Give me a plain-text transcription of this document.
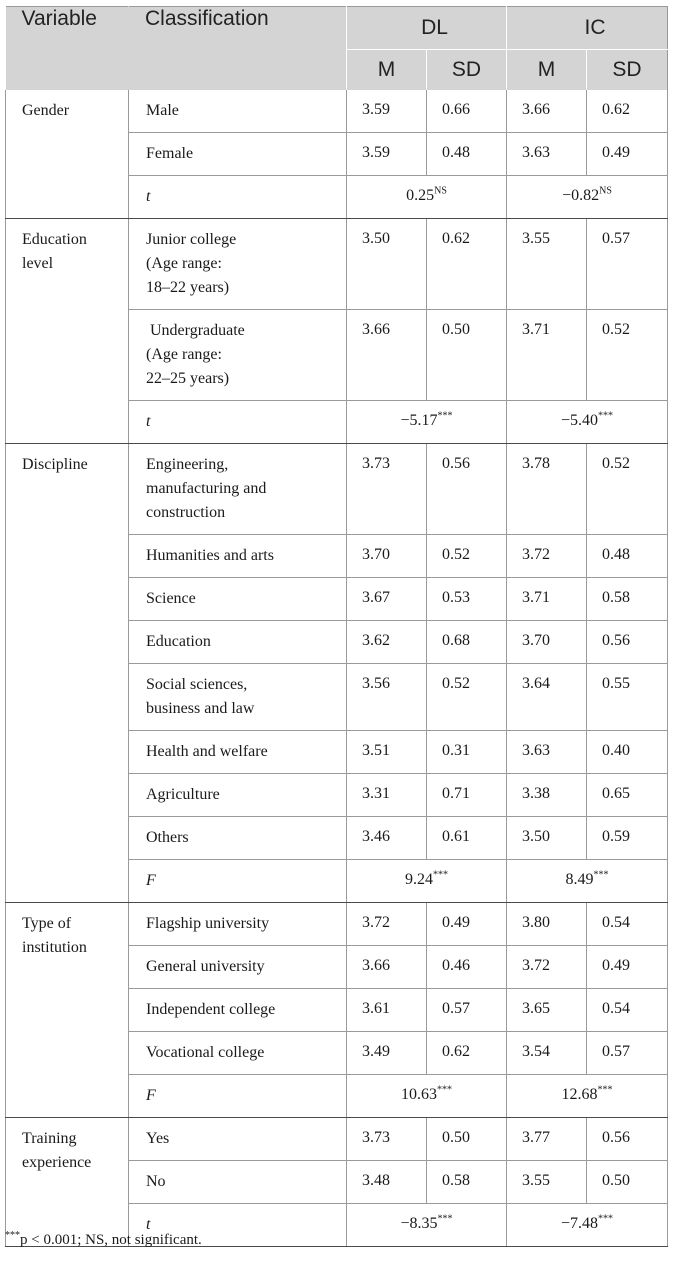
Variable	Classification	DL		IC	
		M	SD	M	SD
Gender	Male	3.59	0.66	3.66	0.62
	Female	3.59	0.48	3.63	0.49
	t	$0.25^{NS}$		$-0.82^{NS}$
Education
level	Junior college
(Age range:
18–22 years)	3.50	0.62	3.55	0.57
	Undergraduate
(Age range:
22–25 years)	3.66	0.50	3.71	0.52
	t	−5.17***		−5.40***
Discipline	Engineering,
manufacturing and
construction	3.73	0.56	3.78	0.52
	Humanities and arts	3.70	0.52	3.72	0.48
	Science	3.67	0.53	3.71	0.58
	Education	3.62	0.68	3.70	0.56
	Social sciences,
business and law	3.56	0.52	3.64	0.55
	Health and welfare	3.51	0.31	3.63	0.40
	Agriculture	3.31	0.71	3.38	0.65
	Others	3.46	0.61	3.50	0.59
	F	9.24***		8.49***
Type of
institution	Flagship university	3.72	0.49	3.80	0.54
	General university	3.66	0.46	3.72	0.49
	Independent college	3.61	0.57	3.65	0.54
	Vocational college	3.49	0.62	3.54	0.57
	F	10.63***		12.68***
Training
experience	Yes	3.73	0.50	3.77	0.56
	No	3.48	0.58	3.55	0.50
	t	−8.35***		−7.48***
***p < 0.001; NS, not significant.
